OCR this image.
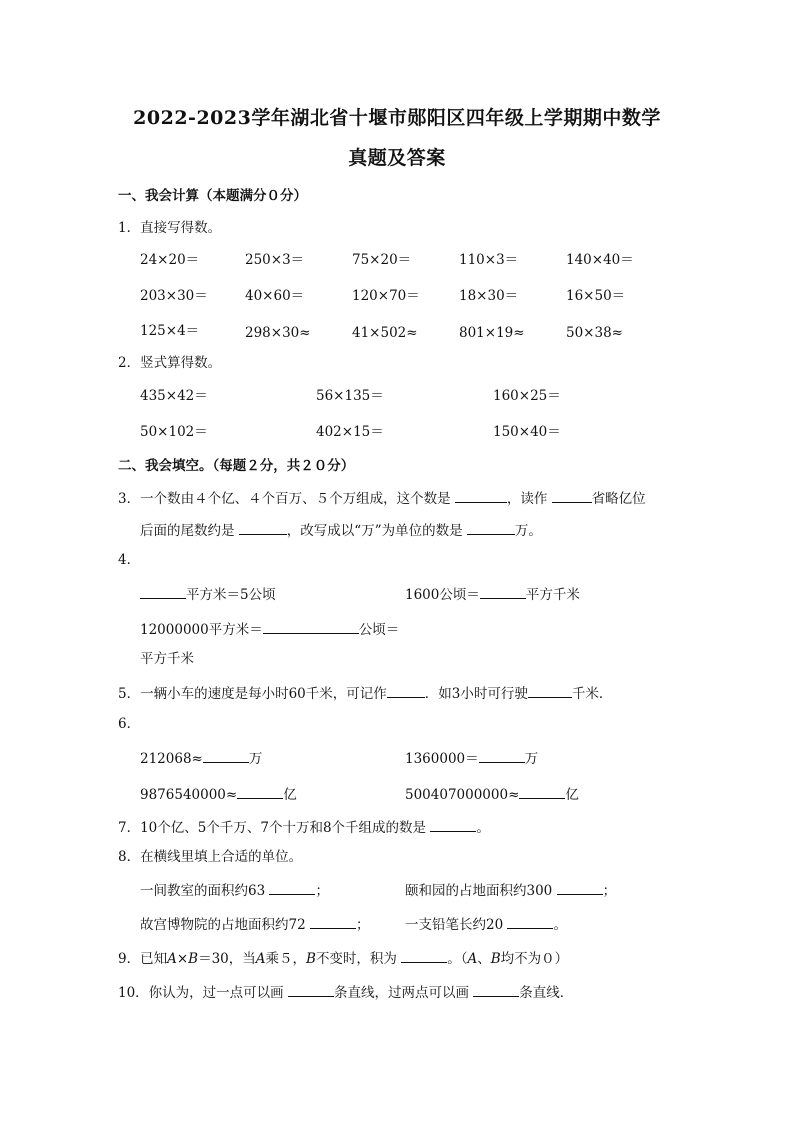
2022-2023学年湖北省十堰市郧阳区四年级上学期期中数学
真题及答案
一、我会计算（本题满分０分）
1．直接写得数。
24×20＝	250×3＝	75×20＝	110×3＝	140×40＝
203×30＝	40×60＝	120×70＝	18×30＝	16×50＝
125×4＝	298×30≈	41×502≈	801×19≈	50×38≈
2．竖式算得数。
435×42＝	56×135＝	160×25＝
50×102＝	402×15＝	150×40＝
二、我会填空。（每题２分，共２０分）
3．一个数由４个亿、４个百万、５个万组成，这个数是	，读作	省略亿位
后面的尾数约是	，改写成以“万”为单位的数是	万。
4．
平方米＝5公顷	1600公顷＝	平方千米
12000000平方米＝	公顷＝
平方千米
5．一辆小车的速度是每小时60千米，可记作	．如3小时可行驶	千米．
6．
212068≈	万	1360000＝	万
9876540000≈	亿	500407000000≈	亿
7．10个亿、5个千万、7个十万和8个千组成的数是	。
8．在横线里填上合适的单位。
一间教室的面积约63	；	颐和园的占地面积约300	；
故宫博物院的占地面积约72	；	一支铅笔长约20	。
9．已知A×B＝30，当A乘５，B不变时，积为	。（A、B均不为０）
10．你认为，过一点可以画	条直线，过两点可以画	条直线．
